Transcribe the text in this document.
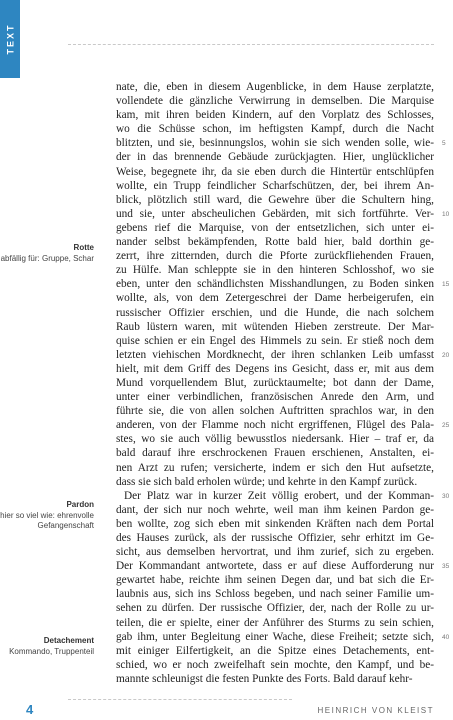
TEXT
Rotte
abfällig für: Gruppe, Schar
Pardon
hier so viel wie: ehrenvolle Gefangenschaft
Detachement
Kommando, Truppenteil
nate, die, eben in diesem Augenblicke, in dem Hause zerplatzte,
vollendete die gänzliche Verwirrung in demselben. Die Marquise
kam, mit ihren beiden Kindern, auf den Vorplatz des Schlosses,
wo die Schüsse schon, im heftigsten Kampf, durch die Nacht
blitzten, und sie, besinnungslos, wohin sie sich wenden solle, wie-
der in das brennende Gebäude zurückjagten. Hier, unglücklicher
Weise, begegnete ihr, da sie eben durch die Hintertür entschlüpfen
wollte, ein Trupp feindlicher Scharfschützen, der, bei ihrem An-
blick, plötzlich still ward, die Gewehre über die Schultern hing,
und sie, unter abscheulichen Gebärden, mit sich fortführte. Ver-
gebens rief die Marquise, von der entsetzlichen, sich unter ei-
nander selbst bekämpfenden, Rotte bald hier, bald dorthin ge-
zerrt, ihre zitternden, durch die Pforte zurückfliehenden Frauen,
zu Hülfe. Man schleppte sie in den hinteren Schlosshof, wo sie
eben, unter den schändlichsten Misshandlungen, zu Boden sinken
wollte, als, von dem Zetergeschrei der Dame herbeigerufen, ein
russischer Offizier erschien, und die Hunde, die nach solchem
Raub lüstern waren, mit wütenden Hieben zerstreute. Der Mar-
quise schien er ein Engel des Himmels zu sein. Er stieß noch dem
letzten viehischen Mordknecht, der ihren schlanken Leib umfasst
hielt, mit dem Griff des Degens ins Gesicht, dass er, mit aus dem
Mund vorquellendem Blut, zurücktaumelte; bot dann der Dame,
unter einer verbindlichen, französischen Anrede den Arm, und
führte sie, die von allen solchen Auftritten sprachlos war, in den
anderen, von der Flamme noch nicht ergriffenen, Flügel des Pala-
stes, wo sie auch völlig bewusstlos niedersank. Hier – traf er, da
bald darauf ihre erschrockenen Frauen erschienen, Anstalten, ei-
nen Arzt zu rufen; versicherte, indem er sich den Hut aufsetzte,
dass sie sich bald erholen würde; und kehrte in den Kampf zurück.
Der Platz war in kurzer Zeit völlig erobert, und der Komman-
dant, der sich nur noch wehrte, weil man ihm keinen Pardon ge-
ben wollte, zog sich eben mit sinkenden Kräften nach dem Portal
des Hauses zurück, als der russische Offizier, sehr erhitzt im Ge-
sicht, aus demselben hervortrat, und ihm zurief, sich zu ergeben.
Der Kommandant antwortete, dass er auf diese Aufforderung nur
gewartet habe, reichte ihm seinen Degen dar, und bat sich die Er-
laubnis aus, sich ins Schloss begeben, und nach seiner Familie um-
sehen zu dürfen. Der russische Offizier, der, nach der Rolle zu ur-
teilen, die er spielte, einer der Anführer des Sturms zu sein schien,
gab ihm, unter Begleitung einer Wache, diese Freiheit; setzte sich,
mit einiger Eilfertigkeit, an die Spitze eines Detachements, ent-
schied, wo er noch zweifelhaft sein mochte, den Kampf, und be-
mannte schleunigst die festen Punkte des Forts. Bald darauf kehr-
5
10
15
20
25
30
35
40
4	HEINRICH VON KLEIST
